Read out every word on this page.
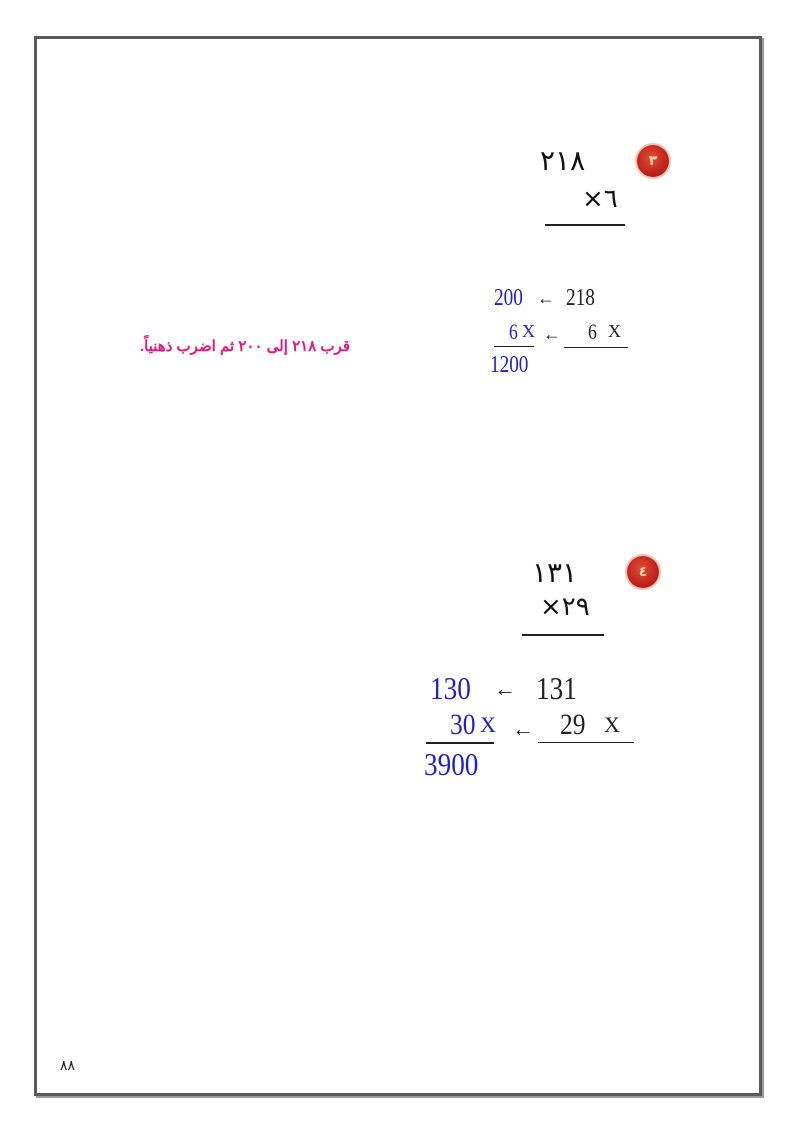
٣
٢١٨
٦×
200 ← 218
6 X ← 6 X
1200
قرب ٢١٨ إلى ٢٠٠ ثم اضرب ذهنياً.
٤
١٣١
٢٩×
130 ← 131
30 X ← 29 X
3900
٨٨
